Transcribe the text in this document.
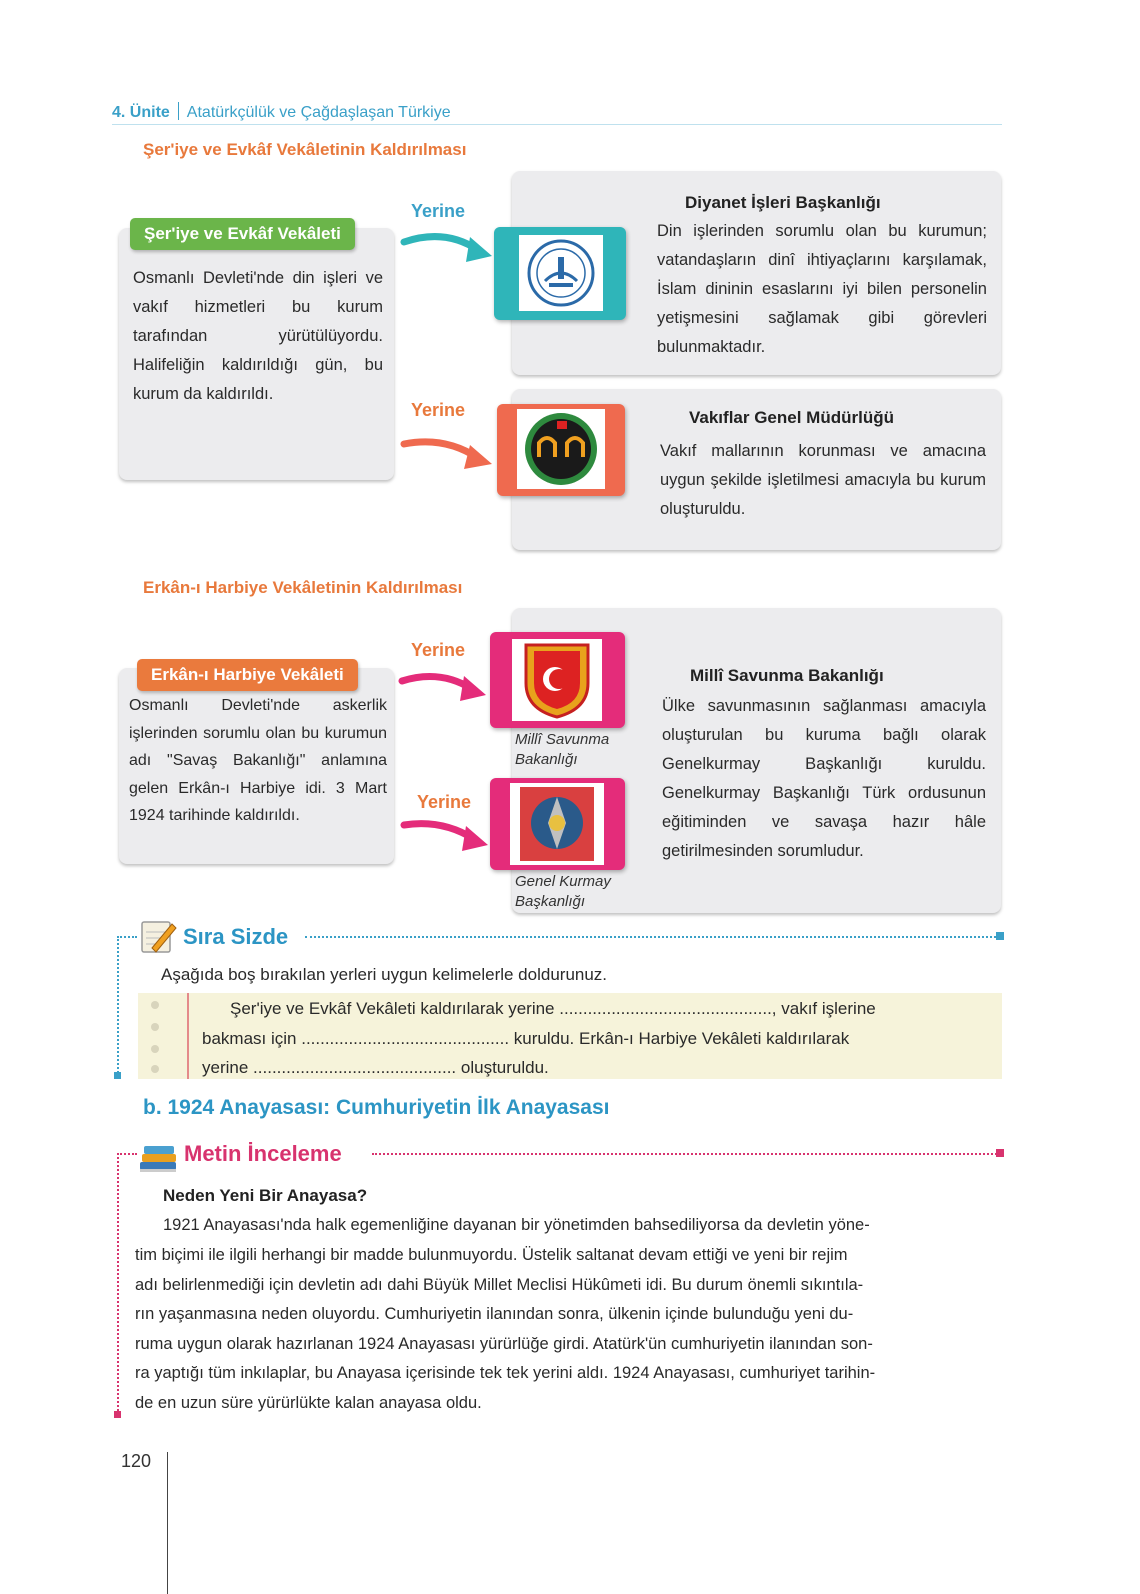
4. Ünite Atatürkçülük ve Çağdaşlaşan Türkiye
Şer'iye ve Evkâf Vekâletinin Kaldırılması
Osmanlı Devleti'nde din işleri ve vakıf hizmetleri bu kurum tarafından yürütülüyordu. Halifeliğin kaldırıldığı gün, bu kurum da kaldırıldı.
Şer'iye ve Evkâf Vekâleti
Yerine
Yerine
Diyanet İşleri Başkanlığı
Din işlerinden sorumlu olan bu kurumun; vatandaşların dinî ihtiyaçlarını karşılamak, İslam dininin esaslarını iyi bilen personelin yetişmesini sağlamak gibi görevleri bulunmaktadır.
Vakıflar Genel Müdürlüğü
Vakıf mallarının korunması ve amacına uygun şekilde işletilmesi amacıyla bu kurum oluşturuldu.
Erkân-ı Harbiye Vekâletinin Kaldırılması
Osmanlı Devleti'nde askerlik işlerinden sorumlu olan bu kurumun adı "Savaş Bakanlığı" anlamına gelen Erkân-ı Harbiye idi. 3 Mart 1924 tarihinde kaldırıldı.
Erkân-ı Harbiye Vekâleti
Yerine
Yerine
Millî Savunma Bakanlığı
Ülke savunmasının sağlanması amacıyla oluşturulan bu kuruma bağlı olarak Genelkurmay Başkanlığı kuruldu. Genelkurmay Başkanlığı Türk ordusunun eğitiminden ve savaşa hazır hâle getirilmesinden sorumludur.
Millî Savunma Bakanlığı
Genel Kurmay Başkanlığı
Sıra Sizde
Aşağıda boş bırakılan yerleri uygun kelimelerle doldurunuz.
Şer'iye ve Evkâf Vekâleti kaldırılarak yerine ............................................., vakıf işlerine
bakması için ............................................ kuruldu. Erkân-ı Harbiye Vekâleti kaldırılarak
yerine ........................................... oluşturuldu.
b. 1924 Anayasası: Cumhuriyetin İlk Anayasası
Metin İnceleme
Neden Yeni Bir Anayasa?
1921 Anayasası'nda halk egemenliğine dayanan bir yönetimden bahsediliyorsa da devletin yöne-
tim biçimi ile ilgili herhangi bir madde bulunmuyordu. Üstelik saltanat devam ettiği ve yeni bir rejim
adı belirlenmediği için devletin adı dahi Büyük Millet Meclisi Hükûmeti idi. Bu durum önemli sıkıntıla-
rın yaşanmasına neden oluyordu. Cumhuriyetin ilanından sonra, ülkenin içinde bulunduğu yeni du-
ruma uygun olarak hazırlanan 1924 Anayasası yürürlüğe girdi. Atatürk'ün cumhuriyetin ilanından son-
ra yaptığı tüm inkılaplar, bu Anayasa içerisinde tek tek yerini aldı. 1924 Anayasası, cumhuriyet tarihin-
de en uzun süre yürürlükte kalan anayasa oldu.
120
